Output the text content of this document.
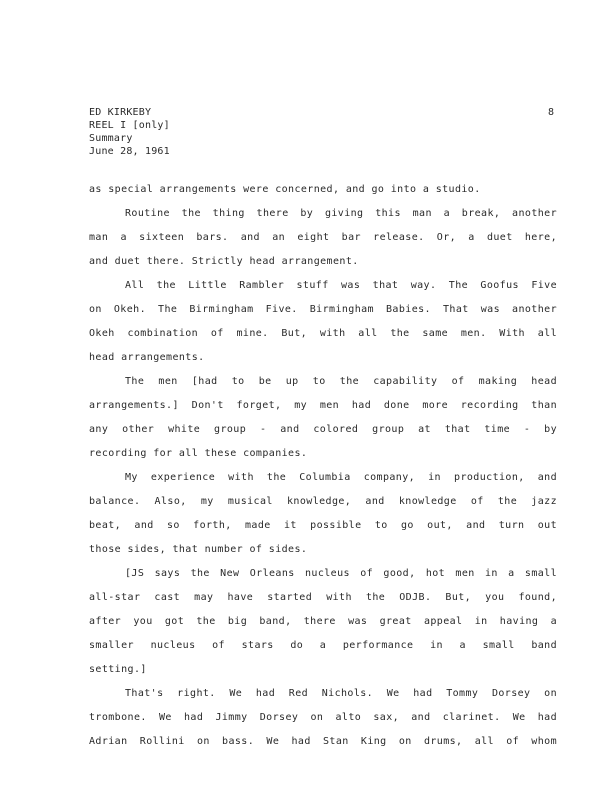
ED KIRKEBY
REEL I [only]
Summary
June 28, 1961
8
as special arrangements were concerned, and go into a studio.
Routine the thing there by giving this man a break, another
man a sixteen bars. and an eight bar release. Or, a duet here,
and duet there. Strictly head arrangement.
All the Little Rambler stuff was that way. The Goofus Five
on Okeh. The Birmingham Five. Birmingham Babies. That was another
Okeh combination of mine. But, with all the same men. With all
head arrangements.
The men [had to be up to the capability of making head
arrangements.] Don't forget, my men had done more recording than
any other white group - and colored group at that time - by
recording for all these companies.
My experience with the Columbia company, in production, and
balance. Also, my musical knowledge, and knowledge of the jazz
beat, and so forth, made it possible to go out, and turn out
those sides, that number of sides.
[JS says the New Orleans nucleus of good, hot men in a small
all-star cast may have started with the ODJB. But, you found,
after you got the big band, there was great appeal in having a
smaller nucleus of stars do a performance in a small band
setting.]
That's right. We had Red Nichols. We had Tommy Dorsey on
trombone. We had Jimmy Dorsey on alto sax, and clarinet. We had
Adrian Rollini on bass. We had Stan King on drums, all of whom
